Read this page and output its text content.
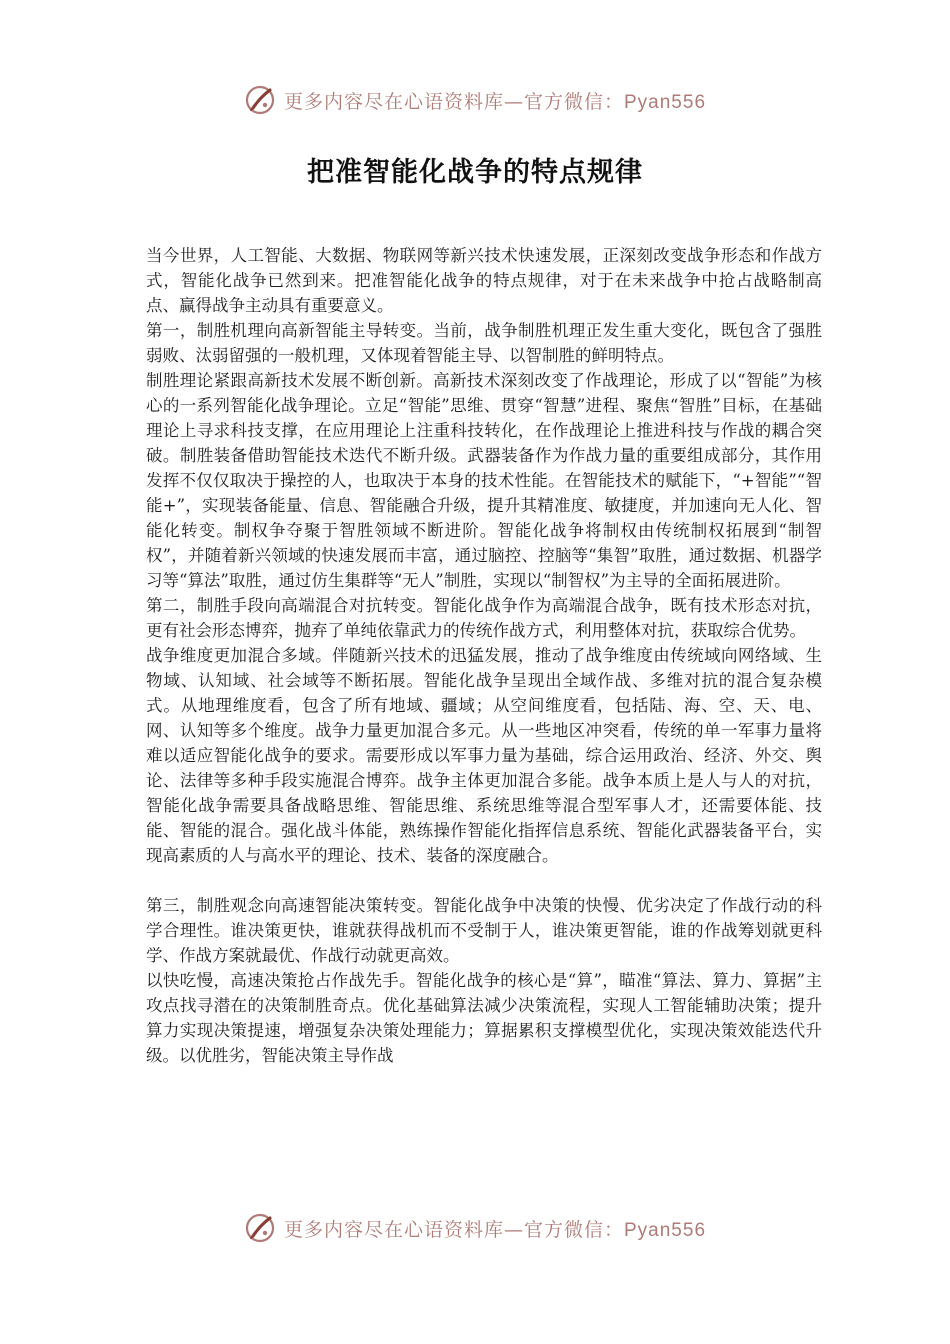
更多内容尽在心语资料库—官方微信：Pyan556
把准智能化战争的特点规律

当今世界，人工智能、大数据、物联网等新兴技术快速发展，正深刻改变战争形态和作战方式，智能化战争已然到来。把准智能化战争的特点规律，对于在未来战争中抢占战略制高点、赢得战争主动具有重要意义。

第一，制胜机理向高新智能主导转变。当前，战争制胜机理正发生重大变化，既包含了强胜弱败、汰弱留强的一般机理，又体现着智能主导、以智制胜的鲜明特点。

制胜理论紧跟高新技术发展不断创新。高新技术深刻改变了作战理论，形成了以“智能”为核心的一系列智能化战争理论。立足“智能”思维、贯穿“智慧”进程、聚焦“智胜”目标，在基础理论上寻求科技支撑，在应用理论上注重科技转化，在作战理论上推进科技与作战的耦合突破。制胜装备借助智能技术迭代不断升级。武器装备作为作战力量的重要组成部分，其作用发挥不仅仅取决于操控的人，也取决于本身的技术性能。在智能技术的赋能下，“+智能”“智能+”，实现装备能量、信息、智能融合升级，提升其精准度、敏捷度，并加速向无人化、智能化转变。制权争夺聚于智胜领域不断进阶。智能化战争将制权由传统制权拓展到“制智权”，并随着新兴领域的快速发展而丰富，通过脑控、控脑等“集智”取胜，通过数据、机器学习等“算法”取胜，通过仿生集群等“无人”制胜，实现以“制智权”为主导的全面拓展进阶。

第二，制胜手段向高端混合对抗转变。智能化战争作为高端混合战争，既有技术形态对抗，更有社会形态博弈，抛弃了单纯依靠武力的传统作战方式，利用整体对抗，获取综合优势。

战争维度更加混合多域。伴随新兴技术的迅猛发展，推动了战争维度由传统域向网络域、生物域、认知域、社会域等不断拓展。智能化战争呈现出全域作战、多维对抗的混合复杂模式。从地理维度看，包含了所有地域、疆域；从空间维度看，包括陆、海、空、天、电、网、认知等多个维度。战争力量更加混合多元。从一些地区冲突看，传统的单一军事力量将难以适应智能化战争的要求。需要形成以军事力量为基础，综合运用政治、经济、外交、舆论、法律等多种手段实施混合博弈。战争主体更加混合多能。战争本质上是人与人的对抗，智能化战争需要具备战略思维、智能思维、系统思维等混合型军事人才，还需要体能、技能、智能的混合。强化战斗体能，熟练操作智能化指挥信息系统、智能化武器装备平台，实现高素质的人与高水平的理论、技术、装备的深度融合。

第三，制胜观念向高速智能决策转变。智能化战争中决策的快慢、优劣决定了作战行动的科学合理性。谁决策更快，谁就获得战机而不受制于人，谁决策更智能，谁的作战筹划就更科学、作战方案就最优、作战行动就更高效。

以快吃慢，高速决策抢占作战先手。智能化战争的核心是“算”，瞄准“算法、算力、算据”主攻点找寻潜在的决策制胜奇点。优化基础算法减少决策流程，实现人工智能辅助决策；提升算力实现决策提速，增强复杂决策处理能力；算据累积支撑模型优化，实现决策效能迭代升级。以优胜劣，智能决策主导作战

更多内容尽在心语资料库—官方微信：Pyan556
